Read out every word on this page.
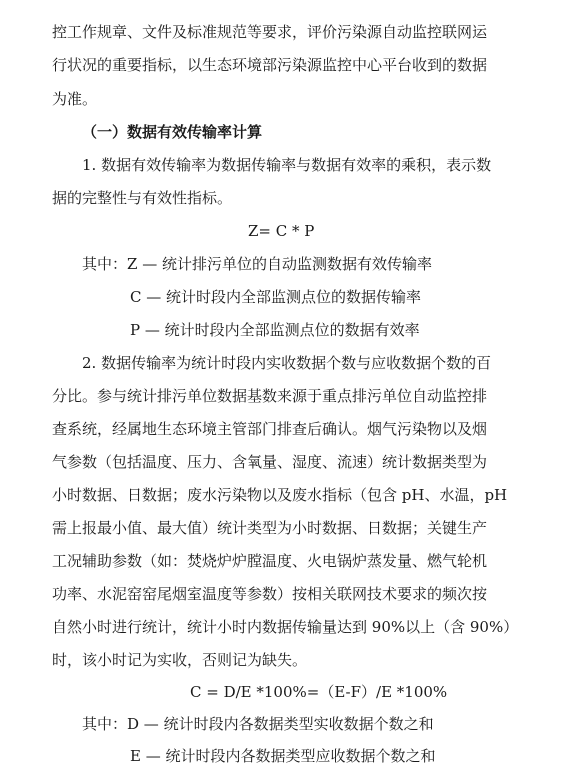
控工作规章、文件及标准规范等要求，评价污染源自动监控联网运
行状况的重要指标，以生态环境部污染源监控中心平台收到的数据
为准。
（一）数据有效传输率计算
1. 数据有效传输率为数据传输率与数据有效率的乘积，表示数
据的完整性与有效性指标。
Z= C * P
其中：Z — 统计排污单位的自动监测数据有效传输率
C — 统计时段内全部监测点位的数据传输率
P — 统计时段内全部监测点位的数据有效率
2. 数据传输率为统计时段内实收数据个数与应收数据个数的百
分比。参与统计排污单位数据基数来源于重点排污单位自动监控排
查系统，经属地生态环境主管部门排查后确认。烟气污染物以及烟
气参数（包括温度、压力、含氧量、湿度、流速）统计数据类型为
小时数据、日数据；废水污染物以及废水指标（包含 pH、水温，pH
需上报最小值、最大值）统计类型为小时数据、日数据；关键生产
工况辅助参数（如：焚烧炉炉膛温度、火电锅炉蒸发量、燃气轮机
功率、水泥窑窑尾烟室温度等参数）按相关联网技术要求的频次按
自然小时进行统计，统计小时内数据传输量达到 90%以上（含 90%）
时，该小时记为实收，否则记为缺失。
C = D/E *100%=（E-F）/E *100%
其中：D — 统计时段内各数据类型实收数据个数之和
E — 统计时段内各数据类型应收数据个数之和
